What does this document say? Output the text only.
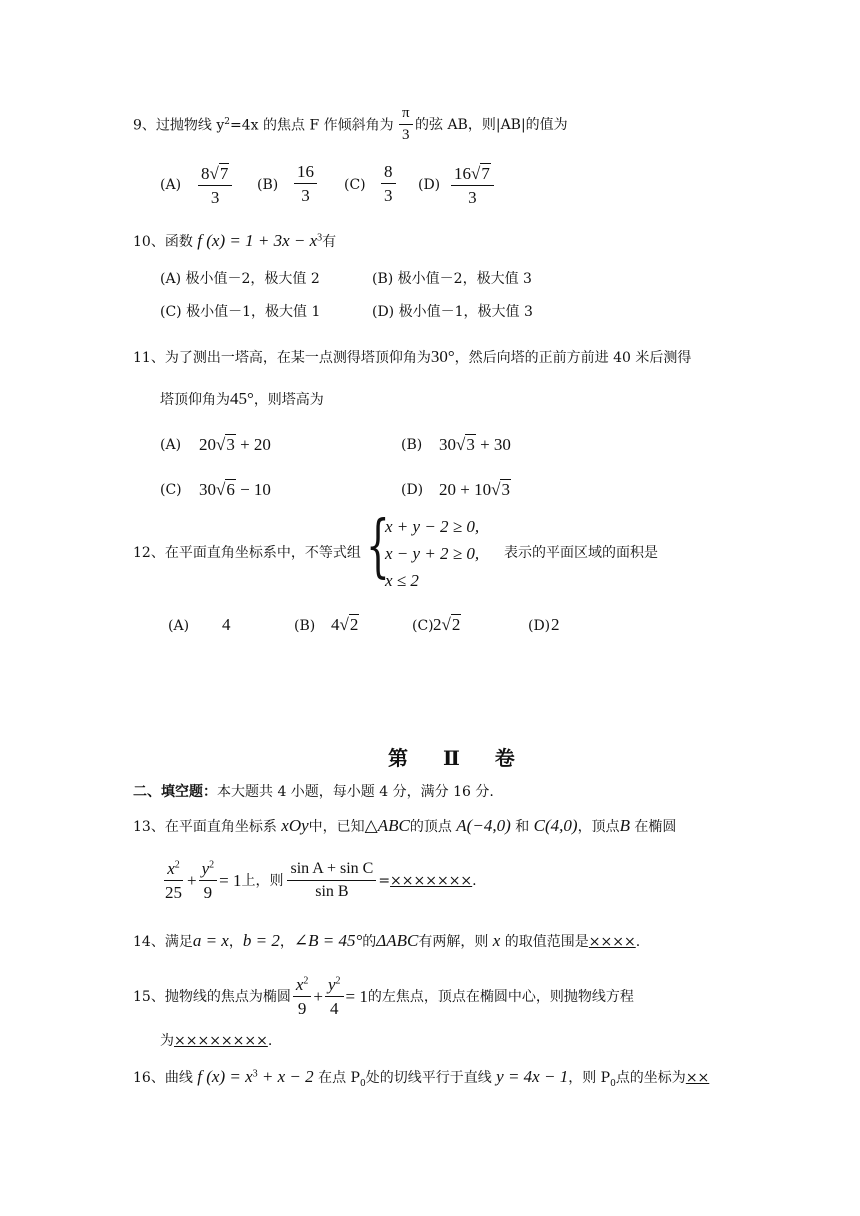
9、过抛物线 $y^2=4x$ 的焦点 F 作倾斜角为 $\frac{\pi}{3}$ 的弦 AB，则|AB|的值为
$(A) \frac{8√7}{3} (B) \frac{16}{3} (C) \frac{8}{3} (D) \frac{16√7}{3}$
10、函数 f $(x) = 1 + 3x - x^3$有
(A) 极小值－2，极大值 2	(B) 极小值－2，极大值 3
(C) 极小值－1，极大值 1	(D) 极小值－1，极大值 3
11、为了测出一塔高，在某一点测得塔顶仰角为30°，然后向塔的正前方前进 40 米后测得
塔顶仰角为45°，则塔高为
(A) 20√3 + 20	(B) 30√3 + 30
(C) 30√6 − 10	(D) 20 + 10√3
12、在平面直角坐标系中，不等式组 {
x + y − 2 ≥ 0,
x − y + 2 ≥ 0,
x ≤ 2
表示的平面区域的面积是
(A) 4	(B) 4√2	(C) 2√2	(D) 2
第 Ⅱ 卷
二、填空题：本大题共 4 小题，每小题 4 分，满分 16 分.
13、在平面直角坐标系 xOy中，已知△ABC的顶点 A(−4,0) 和 C(4,0)，顶点B 在椭圆
$\frac{x^2}{25} + \frac{y^2}{9} = 1$ 上，则 $\frac{\text{sin A + sin C}}{\text{sin B}}$ = ××××××× .
14、满足a = x，b = 2，∠B = 45°的ΔABC有两解，则 x 的取值范围是××××.
15、抛物线的焦点为椭圆 $\frac{x^2}{9} + \frac{y^2}{4} = 1$ 的左焦点，顶点在椭圆中心，则抛物线方程
为××××××××.
16、曲线 f $(x) = x^3 + x - 2$ 在点 $P_0$处的切线平行于直线 y = 4x − 1，则 $P_0$点的坐标为××
